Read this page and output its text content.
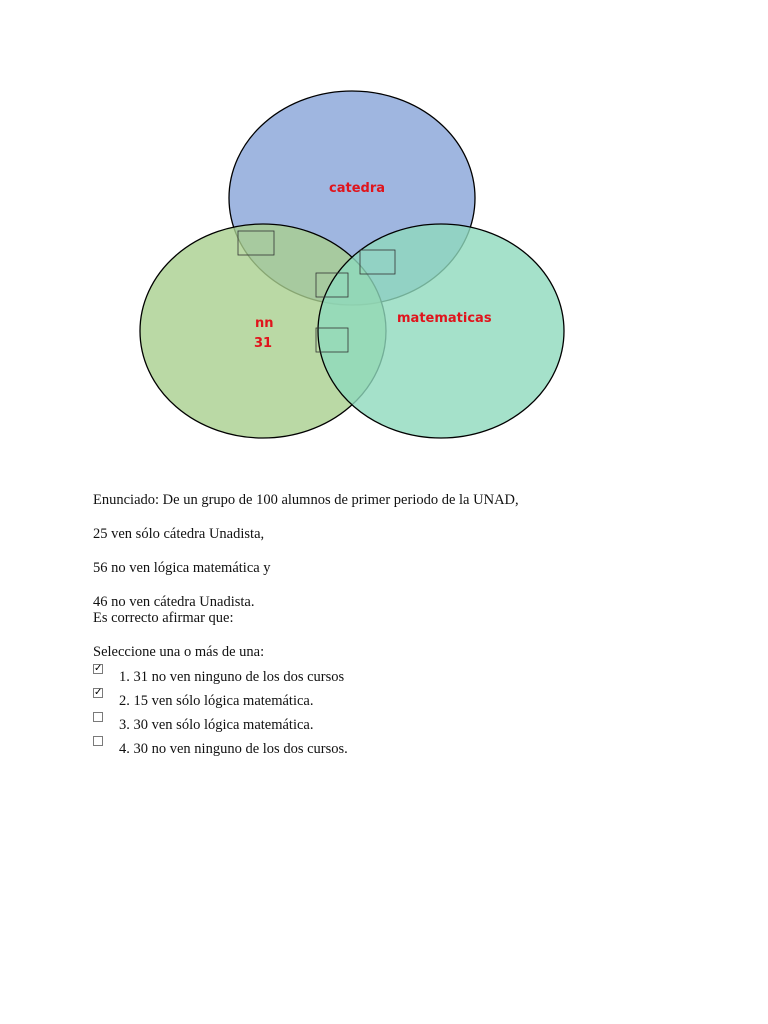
catedra
matematicas
nn
31
Enunciado: De un grupo de 100 alumnos de primer periodo de la UNAD,
25 ven sólo cátedra Unadista,
56 no ven lógica matemática y
46 no ven cátedra Unadista.
Es correcto afirmar que:
Seleccione una o más de una:
✓
1. 31 no ven ninguno de los dos cursos
✓
2. 15 ven sólo lógica matemática.
3. 30 ven sólo lógica matemática.
4. 30 no ven ninguno de los dos cursos.
